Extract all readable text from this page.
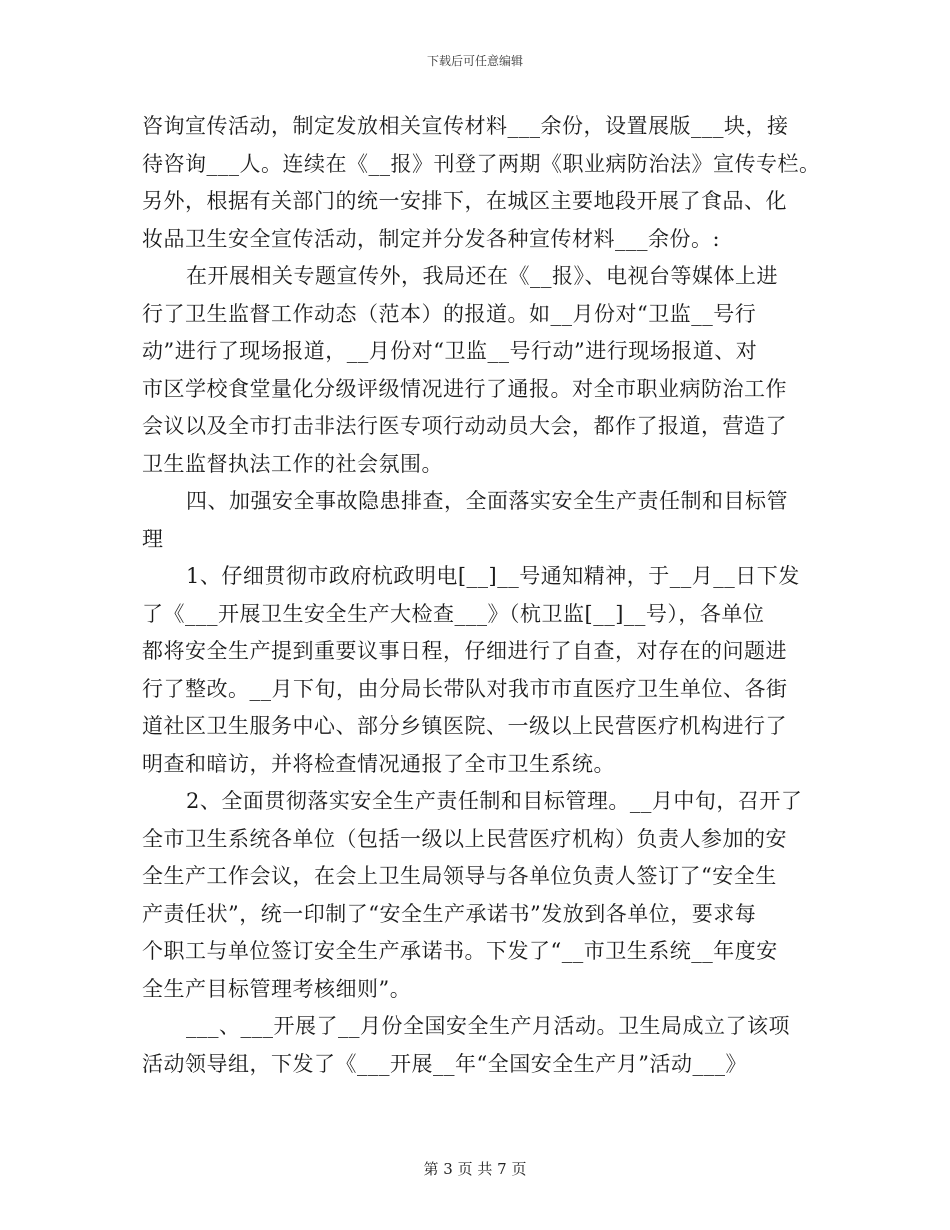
下载后可任意编辑
咨询宣传活动，制定发放相关宣传材料___余份，设置展版___块，接
待咨询___人。连续在《__报》刊登了两期《职业病防治法》宣传专栏。
另外，根据有关部门的统一安排下，在城区主要地段开展了食品、化
妆品卫生安全宣传活动，制定并分发各种宣传材料___余份。:
在开展相关专题宣传外，我局还在《__报》、电视台等媒体上进
行了卫生监督工作动态（范本）的报道。如__月份对“卫监__号行
动”进行了现场报道，__月份对“卫监__号行动”进行现场报道、对
市区学校食堂量化分级评级情况进行了通报。对全市职业病防治工作
会议以及全市打击非法行医专项行动动员大会，都作了报道，营造了
卫生监督执法工作的社会氛围。
四、加强安全事故隐患排查，全面落实安全生产责任制和目标管
理
1、仔细贯彻市政府杭政明电[__]__号通知精神，于__月__日下发
了《___开展卫生安全生产大检查___》（杭卫监[__]__号），各单位
都将安全生产提到重要议事日程，仔细进行了自查，对存在的问题进
行了整改。__月下旬，由分局长带队对我市市直医疗卫生单位、各街
道社区卫生服务中心、部分乡镇医院、一级以上民营医疗机构进行了
明查和暗访，并将检查情况通报了全市卫生系统。
2、全面贯彻落实安全生产责任制和目标管理。__月中旬，召开了
全市卫生系统各单位（包括一级以上民营医疗机构）负责人参加的安
全生产工作会议，在会上卫生局领导与各单位负责人签订了“安全生
产责任状”，统一印制了“安全生产承诺书”发放到各单位，要求每
个职工与单位签订安全生产承诺书。下发了“__市卫生系统__年度安
全生产目标管理考核细则”。
___、___开展了__月份全国安全生产月活动。卫生局成立了该项
活动领导组，下发了《___开展__年“全国安全生产月”活动___》
第 3 页 共 7 页
